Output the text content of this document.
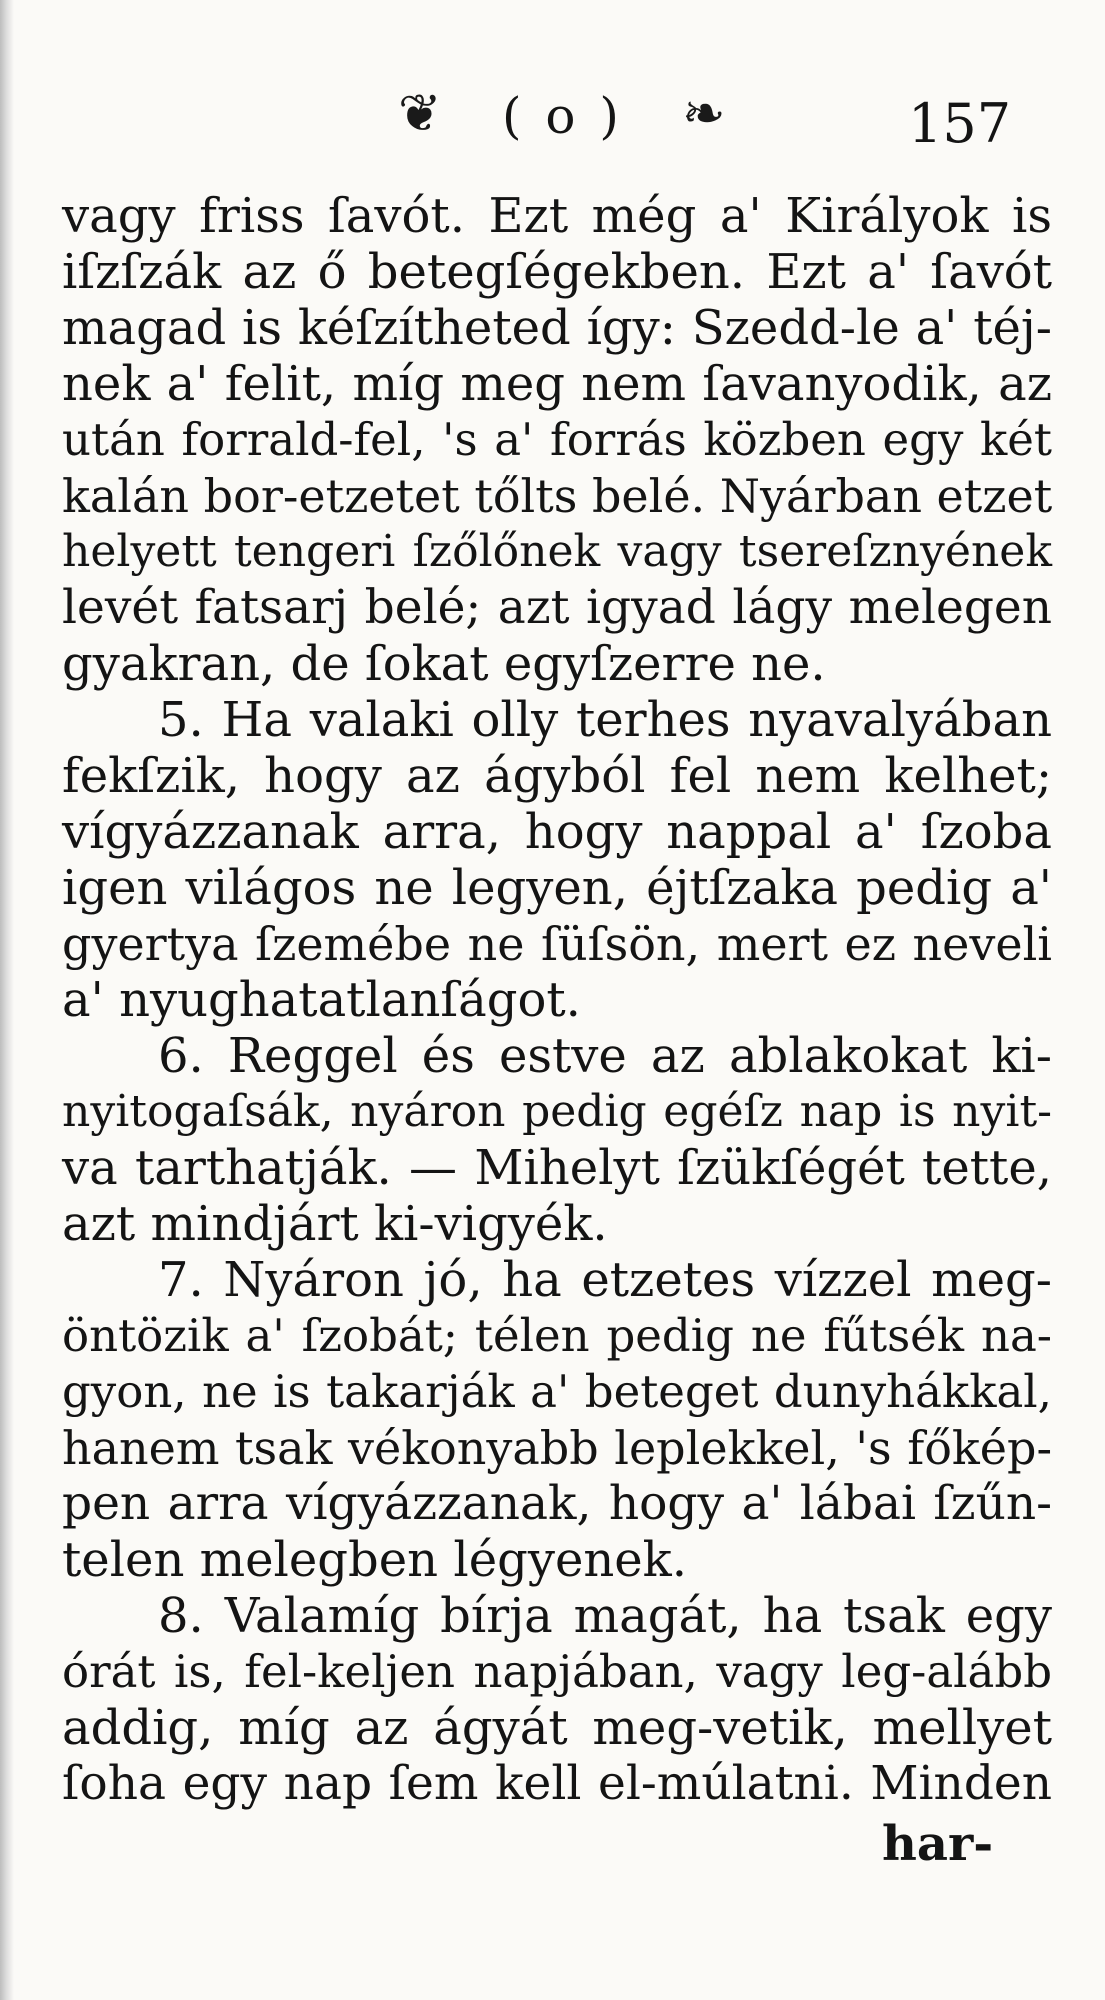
❦ ( o ) ❧	157
vagy friss ſavót. Ezt még a' Királyok is
iſzſzák az ő betegſégekben. Ezt a' ſavót
magad is kéſzítheted így: Szedd-le a' téj-
nek a' felit, míg meg nem ſavanyodik, az
után forrald-fel, 's a' forrás közben egy két
kalán bor-etzetet tőlts belé. Nyárban etzet
helyett tengeri ſzőlőnek vagy tsereſznyének
levét fatsarj belé; azt igyad lágy melegen
gyakran, de ſokat egyſzerre ne.
5. Ha valaki olly terhes nyavalyában
fekſzik, hogy az ágyból fel nem kelhet;
vígyázzanak arra, hogy nappal a' ſzoba
igen világos ne legyen, éjtſzaka pedig a'
gyertya ſzemébe ne ſüſsön, mert ez neveli
a' nyughatatlanſágot.
6. Reggel és estve az ablakokat ki-
nyitogaſsák, nyáron pedig egéſz nap is nyit-
va tarthatják. — Mihelyt ſzükſégét tette,
azt mindjárt ki-vigyék.
7. Nyáron jó, ha etzetes vízzel meg-
öntözik a' ſzobát; télen pedig ne fűtsék na-
gyon, ne is takarják a' beteget dunyhákkal,
hanem tsak vékonyabb leplekkel, 's főkép-
pen arra vígyázzanak, hogy a' lábai ſzűn-
telen melegben légyenek.
8. Valamíg bírja magát, ha tsak egy
órát is, fel-keljen napjában, vagy leg-alább
addig, míg az ágyát meg-vetik, mellyet
ſoha egy nap ſem kell el-múlatni. Minden
har-
